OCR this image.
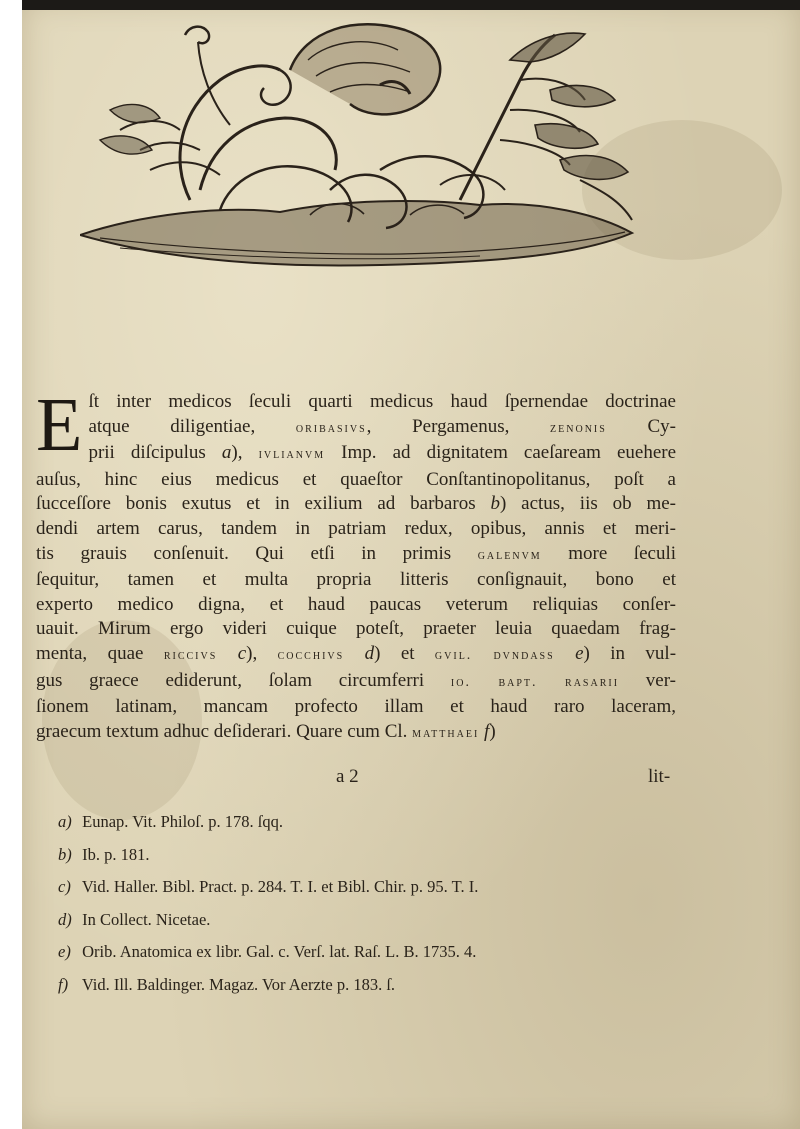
E ſt inter medicos ſeculi quarti medicus haud ſpernendae doctrinae
atque diligentiae, oribasivs, Pergamenus, zenonis Cy-
prii diſcipulus a), ivlianvm Imp. ad dignitatem caeſaream euehere
auſus, hinc eius medicus et quaeſtor Conſtantinopolitanus, poſt a
ſucceſſore bonis exutus et in exilium ad barbaros b) actus, iis ob me-
dendi artem carus, tandem in patriam redux, opibus, annis et meri-
tis grauis conſenuit. Qui etſi in primis galenvm more ſeculi
ſequitur, tamen et multa propria litteris conſignauit, bono et
experto medico digna, et haud paucas veterum reliquias conſer-
uauit. Mirum ergo videri cuique poteſt, praeter leuia quaedam frag-
menta, quae riccivs c), cocchivs d) et gvil. dvndass e) in vul-
gus graece ediderunt, ſolam circumferri io. bapt. rasarii ver-
ſionem latinam, mancam profecto illam et haud raro laceram,
graecum textum adhuc deſiderari. Quare cum Cl. matthaei f)
a 2	lit-
a) Eunap. Vit. Philoſ. p. 178. ſqq.
b) Ib. p. 181.
c) Vid. Haller. Bibl. Pract. p. 284. T. I. et Bibl. Chir. p. 95. T. I.
d) In Collect. Nicetae.
e) Orib. Anatomica ex libr. Gal. c. Verſ. lat. Raſ. L. B. 1735. 4.
f) Vid. Ill. Baldinger. Magaz. Vor Aerzte p. 183. ſ.
